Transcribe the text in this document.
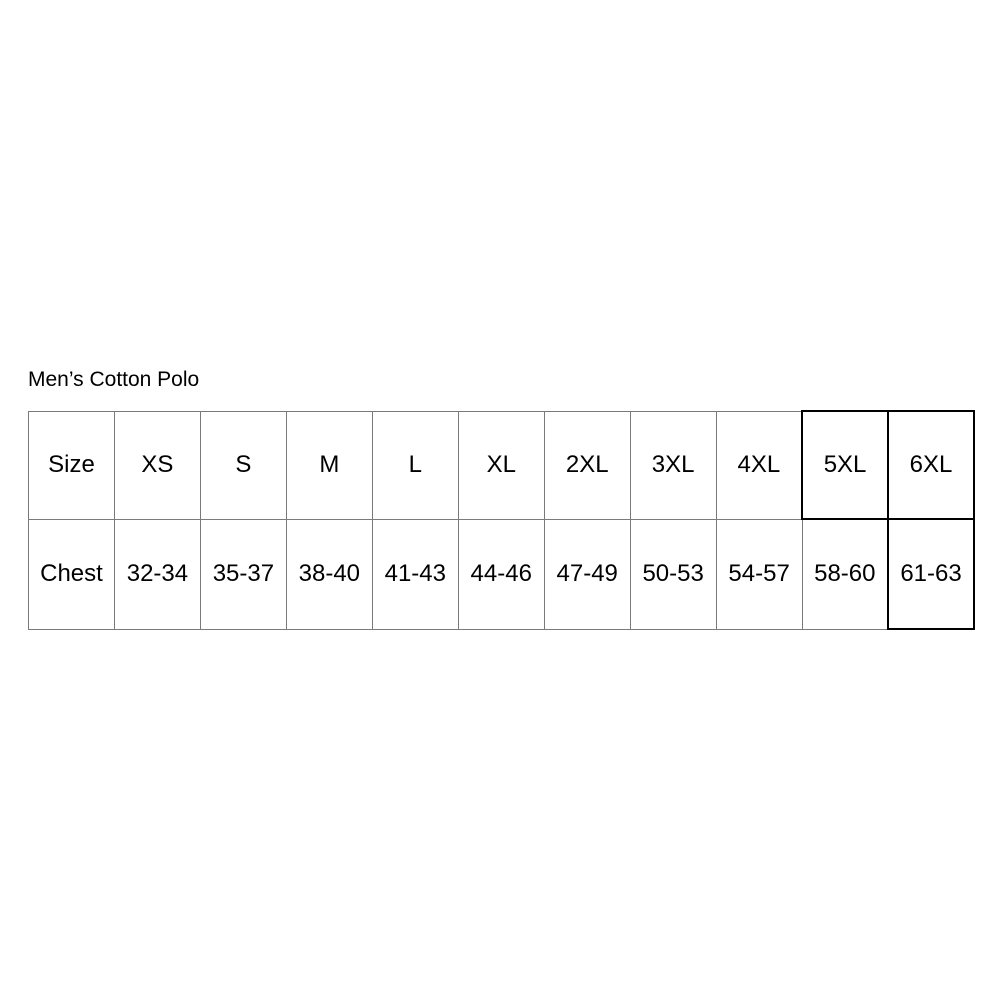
Men’s Cotton Polo
Size	XS	S	M	L	XL	2XL	3XL	4XL	5XL	6XL
Chest	32-34	35-37	38-40	41-43	44-46	47-49	50-53	54-57	58-60	61-63
